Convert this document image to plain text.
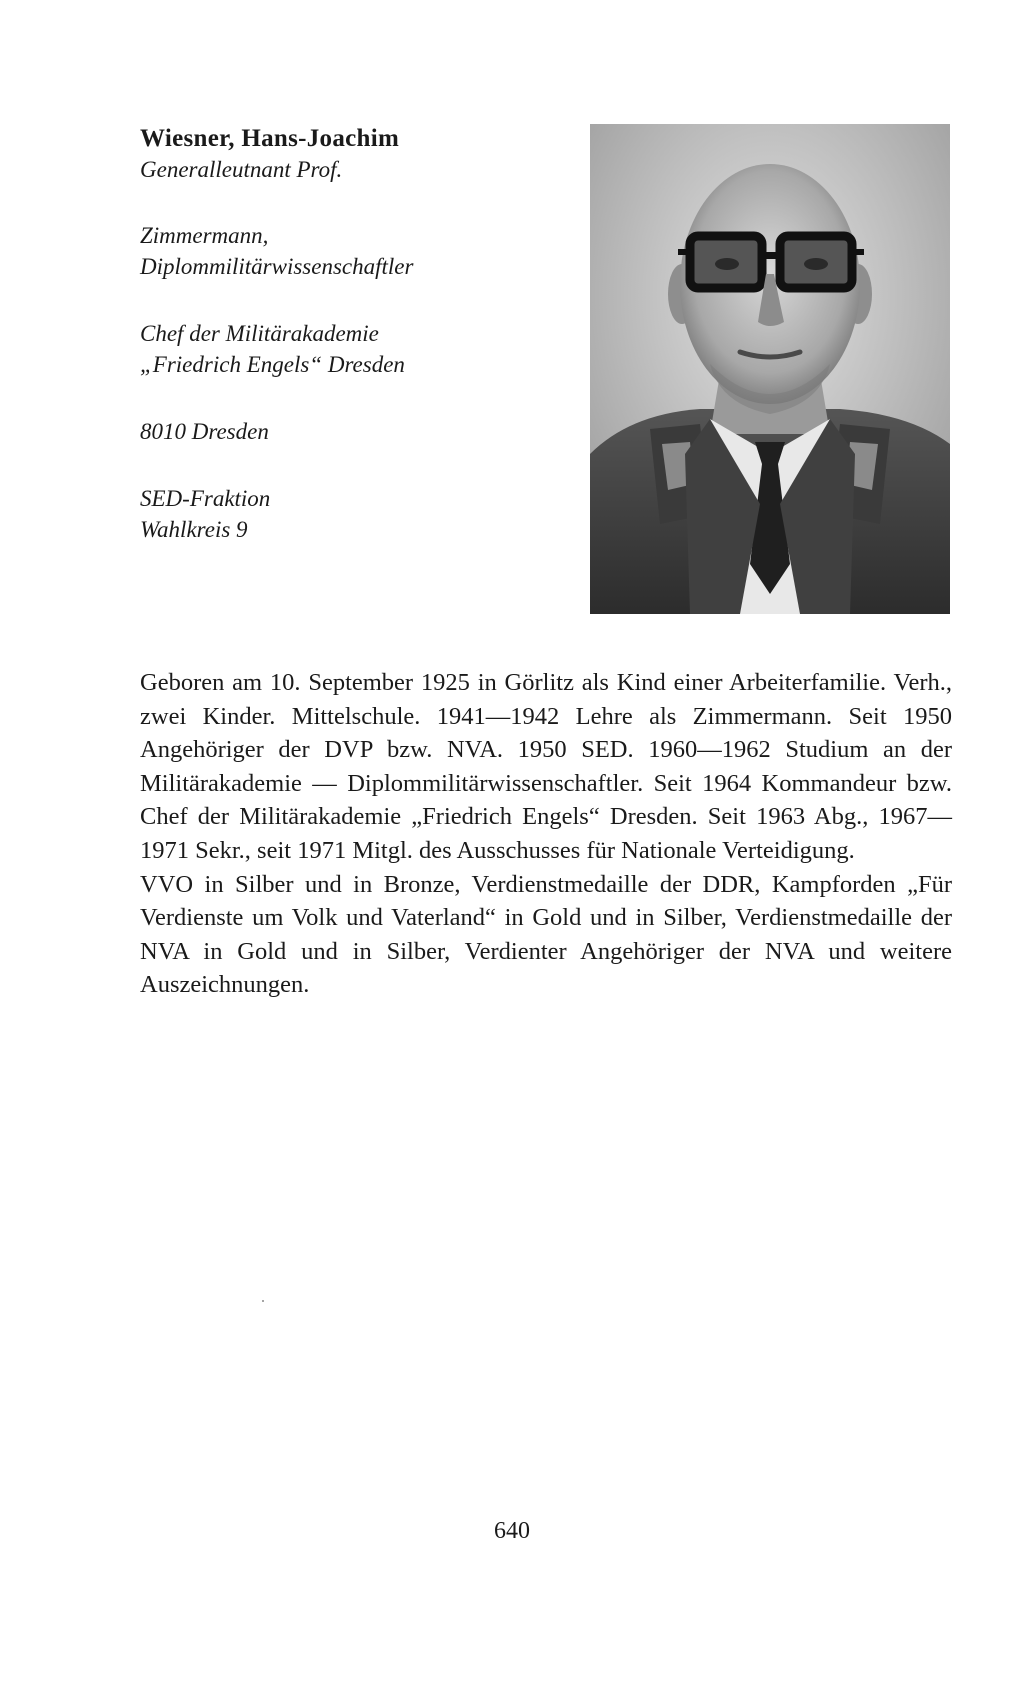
Wiesner, Hans-Joachim
Generalleutnant Prof.
Zimmermann,
Diplommilitärwissenschaftler
Chef der Militärakademie
„Friedrich Engels“ Dresden
8010 Dresden
SED-Fraktion
Wahlkreis 9

Geboren am 10. September 1925 in Görlitz als Kind einer Arbeiterfamilie. Verh., zwei Kinder. Mittelschule. 1941—1942 Lehre als Zimmermann. Seit 1950 Angehöriger der DVP bzw. NVA. 1950 SED. 1960—1962 Studium an der Militärakademie — Diplommilitärwissenschaftler. Seit 1964 Kommandeur bzw. Chef der Militärakademie „Friedrich Engels“ Dresden. Seit 1963 Abg., 1967—1971 Sekr., seit 1971 Mitgl. des Ausschusses für Nationale Verteidigung.

VVO in Silber und in Bronze, Verdienstmedaille der DDR, Kampforden „Für Verdienste um Volk und Vaterland“ in Gold und in Silber, Verdienstmedaille der NVA in Gold und in Silber, Verdienter Angehöriger der NVA und weitere Auszeichnungen.

640
